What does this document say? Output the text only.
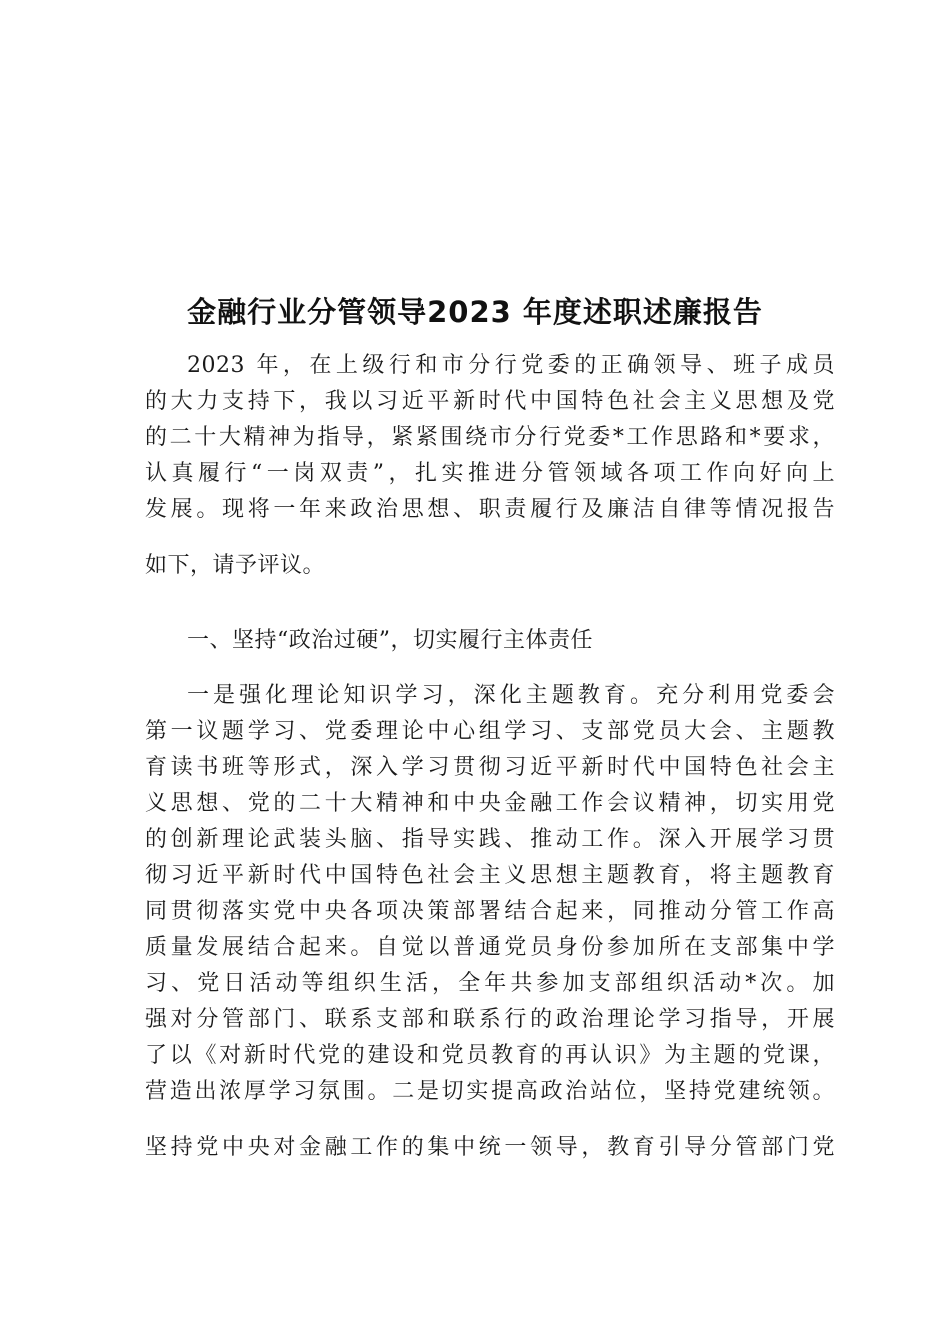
金融行业分管领导2023 年度述职述廉报告
2023 年，在上级行和市分行党委的正确领导、班子成员
的大力支持下，我以习近平新时代中国特色社会主义思想及党
的二十大精神为指导，紧紧围绕市分行党委*工作思路和*要求，
认真履行“一岗双责”，扎实推进分管领域各项工作向好向上
发展。现将一年来政治思想、职责履行及廉洁自律等情况报告
如下，请予评议。
一、坚持“政治过硬”，切实履行主体责任
一是强化理论知识学习，深化主题教育。充分利用党委会
第一议题学习、党委理论中心组学习、支部党员大会、主题教
育读书班等形式，深入学习贯彻习近平新时代中国特色社会主
义思想、党的二十大精神和中央金融工作会议精神，切实用党
的创新理论武装头脑、指导实践、推动工作。深入开展学习贯
彻习近平新时代中国特色社会主义思想主题教育，将主题教育
同贯彻落实党中央各项决策部署结合起来，同推动分管工作高
质量发展结合起来。自觉以普通党员身份参加所在支部集中学
习、党日活动等组织生活，全年共参加支部组织活动*次。加
强对分管部门、联系支部和联系行的政治理论学习指导，开展
了以《对新时代党的建设和党员教育的再认识》为主题的党课，
营造出浓厚学习氛围。二是切实提高政治站位，坚持党建统领。
坚持党中央对金融工作的集中统一领导，教育引导分管部门党
